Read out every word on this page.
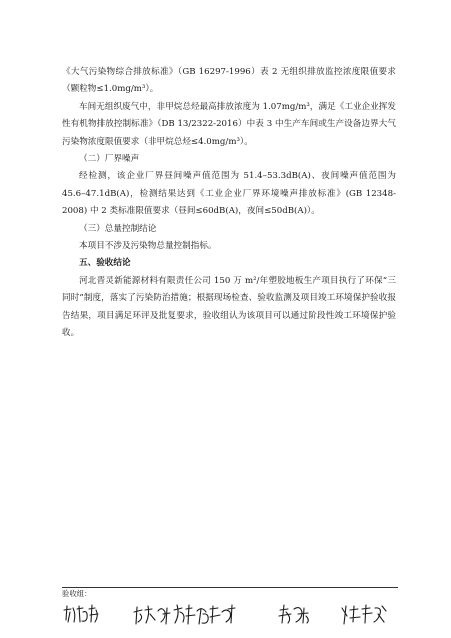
《大气污染物综合排放标准》（GB 16297-1996）表 2 无组织排放监控浓度限值要求（颗粒物≤1.0mg/m³）。

车间无组织废气中，非甲烷总烃最高排放浓度为 1.07mg/m³，满足《工业企业挥发性有机物排放控制标准》（DB 13/2322-2016）中表 3 中生产车间或生产设备边界大气污染物浓度限值要求（非甲烷总烃≤4.0mg/m³）。

（二）厂界噪声

经检测，该企业厂界昼间噪声值范围为 51.4–53.3dB(A)、夜间噪声值范围为 45.6–47.1dB(A)，检测结果达到《工业企业厂界环境噪声排放标准》(GB 12348-2008) 中 2 类标准限值要求（昼间≤60dB(A)，夜间≤50dB(A)）。

（三）总量控制结论

本项目不涉及污染物总量控制指标。

五、验收结论

河北晋灵新能源材料有限责任公司 150 万 m²/年塑胶地板生产项目执行了环保“三同时”制度，落实了污染防治措施；根据现场检查、验收监测及项目竣工环境保护验收报告结果，项目满足环评及批复要求，验收组认为该项目可以通过阶段性竣工环境保护验收。

验收组：
